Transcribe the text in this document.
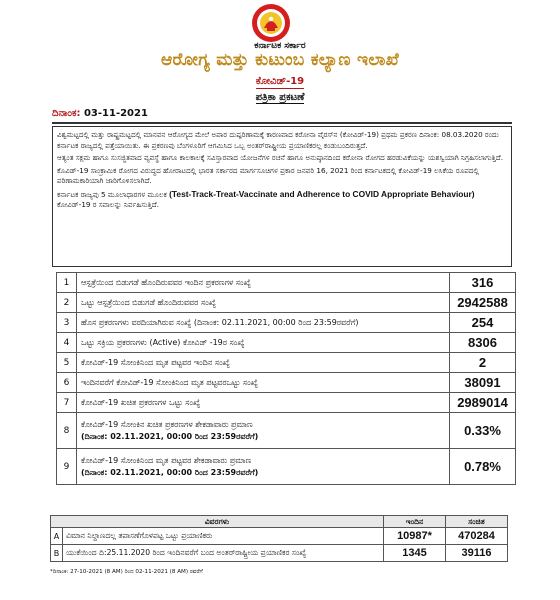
ಕರ್ನಾಟಕ ಸರ್ಕಾರ
ಆರೋಗ್ಯ ಮತ್ತು ಕುಟುಂಬ ಕಲ್ಯಾಣ ಇಲಾಖೆ
ಕೋವಿಡ್-19
ಪತ್ರಿಕಾ ಪ್ರಕಟಣೆ
ದಿನಾಂಕ: 03-11-2021

ವಿಶ್ವಮಟ್ಟದಲ್ಲಿ ಮತ್ತು ರಾಷ್ಟ್ರಮಟ್ಟದಲ್ಲಿ ಮಾನವನ ಆರೋಗ್ಯದ ಮೇಲೆ ಅಪಾರ ದುಷ್ಪರಿಣಾಮಕ್ಕೆ ಕಾರಣವಾದ ಕರೋನಾ ವೈರಸ್‌ನ (ಕೋವಿಡ್-19) ಪ್ರಥಮ ಪ್ರಕರಣ ದಿನಾಂಕ: 08.03.2020 ರಂದು ಕರ್ನಾಟಕ ರಾಜ್ಯದಲ್ಲಿ ಪತ್ತೆಯಾಯಿತು. ಈ ಪ್ರಕರಣವು ಬೆಂಗಳೂರಿಗೆ ಆಗಮಿಸಿದ ಒಬ್ಬ ಅಂತರ್‌ರಾಷ್ಟ್ರೀಯ ಪ್ರಯಾಣಿಕರಲ್ಲ ಕಂಡುಬಂದಿರುತ್ತದೆ.

ಆತ್ಯಂತ ಸಕ್ಷಮ ಹಾಗೂ ಸುಸಜ್ಜಿತವಾದ ವ್ಯವಸ್ಥೆ ಹಾಗೂ ಕಾಲಕಾಲಕ್ಕೆ ಸವಿಸ್ತಾರವಾದ ಯೋಜನೆಗಳ ರಚನೆ ಹಾಗೂ ಅನುಷ್ಠಾನದಿಂದ ಕರೋನಾ ರೋಗದ ಹರಡುವಿಕೆಯನ್ನು ಯಶಸ್ವಿಯಾಗಿ ನಿಗ್ರಹಿಸಲಾಗುತ್ತಿದೆ.

ಕೊವಿಡ್-19 ಸಾಂಕ್ರಾಮಿಕ ರೋಗದ ವಿರುದ್ಧದ ಹೋರಾಟದಲ್ಲಿ ಭಾರತ ಸರ್ಕಾರದ ಮಾರ್ಗಸೂಚಿಗಳ ಪ್ರಕಾರ ಜನವರಿ 16, 2021 ರಿಂದ ಕರ್ನಾಟಕದಲ್ಲಿ ಕೋವಿಡ್-19 ಲಸಿಕೆಯ ರೂಪದಲ್ಲಿ ಪರಿಣಾಮಕಾರಿಯಾಗಿ ಜಾರಿಗೊಳಿಸಲಾಗಿದೆ.

ಕರ್ನಾಟಕ ರಾಜ್ಯವು 5 ಮೂಲಾಧಾರಗಳ ಮೂಲಕ (Test-Track-Treat-Vaccinate and Adherence to COVID Appropriate Behaviour) ಕೋವಿಡ್-19 ರ ಸವಾಲನ್ನು ನಿರ್ವಹಿಸುತ್ತಿದೆ.

1	ಆಸ್ಪತ್ರೆಯಿಂದ ಬಿಡುಗಡೆ ಹೊಂದಿರುವವರ ಇಂದಿನ ಪ್ರಕರಣಗಳ ಸಂಖ್ಯೆ	316
2	ಒಟ್ಟು ಆಸ್ಪತ್ರೆಯಿಂದ ಬಿಡುಗಡೆ ಹೊಂದಿರುವವರ ಸಂಖ್ಯೆ	2942588
3	ಹೊಸ ಪ್ರಕರಣಗಳು ವರದಿಯಾಗಿರುವ ಸಂಖ್ಯೆ (ದಿನಾಂಕ: 02.11.2021, 00:00 ರಿಂದ 23:59ರವರೆಗೆ)	254
4	ಒಟ್ಟು ಸಕ್ರಿಯ ಪ್ರಕರಣಗಳು (Active) ಕೋವಿಡ್ -19ರ ಸಂಖ್ಯೆ	8306
5	ಕೋವಿಡ್-19 ಸೋಂಕಿನಿಂದ ಮೃತ ಪಟ್ಟವರ ಇಂದಿನ ಸಂಖ್ಯೆ	2
6	ಇಂದಿನವರೆಗೆ ಕೋವಿಡ್-19 ಸೋಂಕಿನಿಂದ ಮೃತ ಪಟ್ಟವರಒಟ್ಟು ಸಂಖ್ಯೆ	38091
7	ಕೋವಿಡ್-19 ಖಚಿತ ಪ್ರಕರಣಗಳ ಒಟ್ಟು ಸಂಖ್ಯೆ	2989014
8	ಕೋವಿಡ್-19 ಸೋಂಕಿನ ಖಚಿತ ಪ್ರಕರಣಗಳ ಶೇಕಡಾವಾರು ಪ್ರಮಾಣ
(ದಿನಾಂಕ: 02.11.2021, 00:00 ರಿಂದ 23:59ರವರೆಗೆ)	0.33%
9	ಕೋವಿಡ್-19 ಸೋಂಕಿನಿಂದ ಮೃತ ಪಟ್ಟವರ ಶೇಕಡಾವಾರು ಪ್ರಮಾಣ
(ದಿನಾಂಕ: 02.11.2021, 00:00 ರಿಂದ 23:59ರವರೆಗೆ)	0.78%
ವಿವರಗಳು		ಇಂದಿನ	ಸಂಚಿತ
A	ವಿಮಾನ ನಿಲ್ದಾಣದಲ್ಲ ತಪಾಸಣೆಗೊಳಪಟ್ಟ ಒಟ್ಟು ಪ್ರಯಾಣಿಕರು	10987*	470284
B	ಯುಕೆಯಿಂದ ದಿ:25.11.2020 ರಿಂದ ಇಂದಿನವರೆಗೆ ಬಂದ ಅಂತರ್‌ರಾಷ್ಟ್ರೀಯ ಪ್ರಯಾಣಿಕರ ಸಂಖ್ಯೆ	1345	39116
*ದಿನಾಂಕ: 27-10-2021 (8 AM) ರಿಂದ 02-11-2021 (8 AM) ರವರೆಗೆ
